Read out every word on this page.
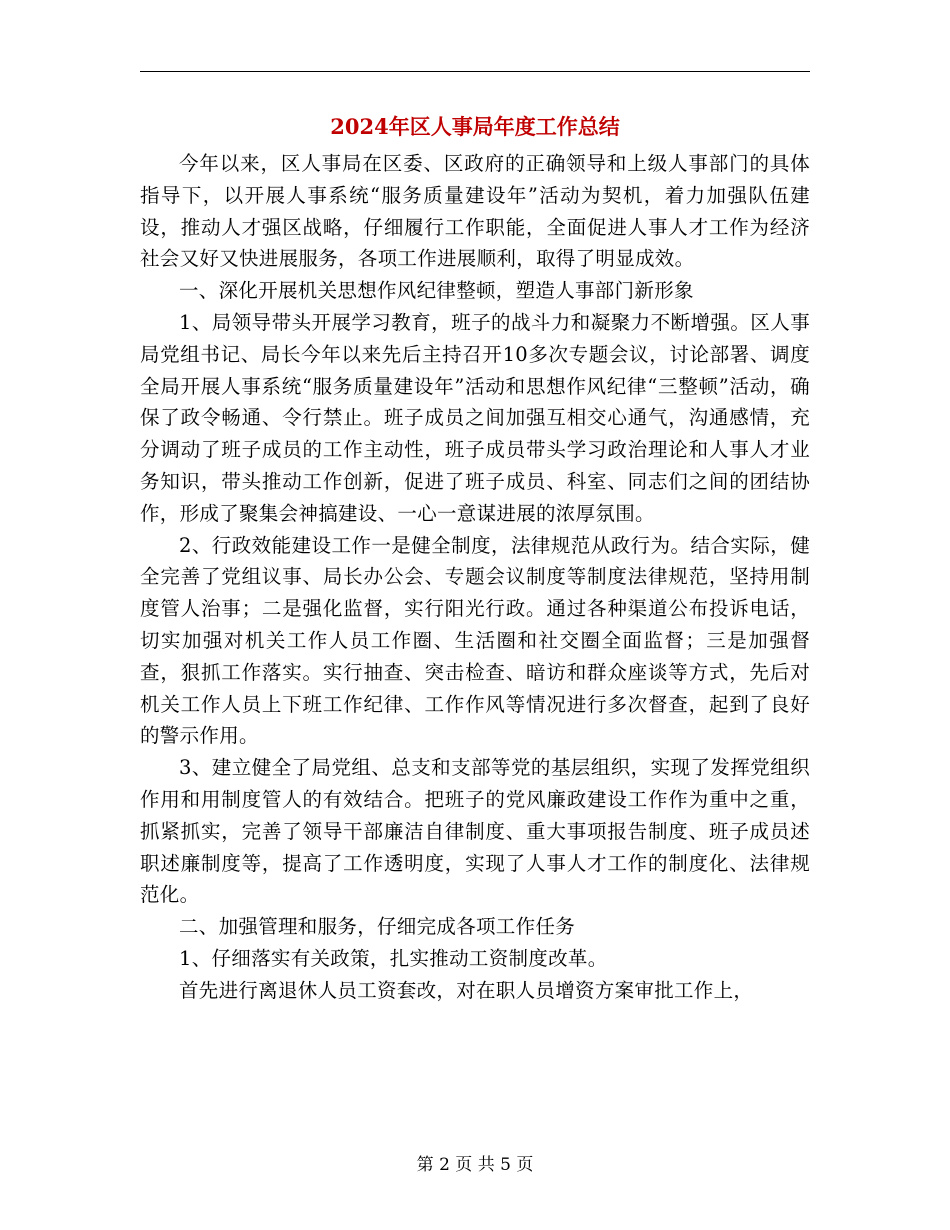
2024年区人事局年度工作总结

今年以来，区人事局在区委、区政府的正确领导和上级人事部门的具体指导下，以开展人事系统“服务质量建设年”活动为契机，着力加强队伍建设，推动人才强区战略，仔细履行工作职能，全面促进人事人才工作为经济社会又好又快进展服务，各项工作进展顺利，取得了明显成效。

一、深化开展机关思想作风纪律整顿，塑造人事部门新形象

1、局领导带头开展学习教育，班子的战斗力和凝聚力不断增强。区人事局党组书记、局长今年以来先后主持召开10多次专题会议，讨论部署、调度全局开展人事系统“服务质量建设年”活动和思想作风纪律“三整顿”活动，确保了政令畅通、令行禁止。班子成员之间加强互相交心通气，沟通感情，充分调动了班子成员的工作主动性，班子成员带头学习政治理论和人事人才业务知识，带头推动工作创新，促进了班子成员、科室、同志们之间的团结协作，形成了聚集会神搞建设、一心一意谋进展的浓厚氛围。

2、行政效能建设工作一是健全制度，法律规范从政行为。结合实际，健全完善了党组议事、局长办公会、专题会议制度等制度法律规范，坚持用制度管人治事；二是强化监督，实行阳光行政。通过各种渠道公布投诉电话，切实加强对机关工作人员工作圈、生活圈和社交圈全面监督；三是加强督查，狠抓工作落实。实行抽查、突击检查、暗访和群众座谈等方式，先后对机关工作人员上下班工作纪律、工作作风等情况进行多次督查，起到了良好的警示作用。

3、建立健全了局党组、总支和支部等党的基层组织，实现了发挥党组织作用和用制度管人的有效结合。把班子的党风廉政建设工作作为重中之重，抓紧抓实，完善了领导干部廉洁自律制度、重大事项报告制度、班子成员述职述廉制度等，提高了工作透明度，实现了人事人才工作的制度化、法律规范化。

二、加强管理和服务，仔细完成各项工作任务

1、仔细落实有关政策，扎实推动工资制度改革。

首先进行离退休人员工资套改，对在职人员增资方案审批工作上，

第 2 页 共 5 页
